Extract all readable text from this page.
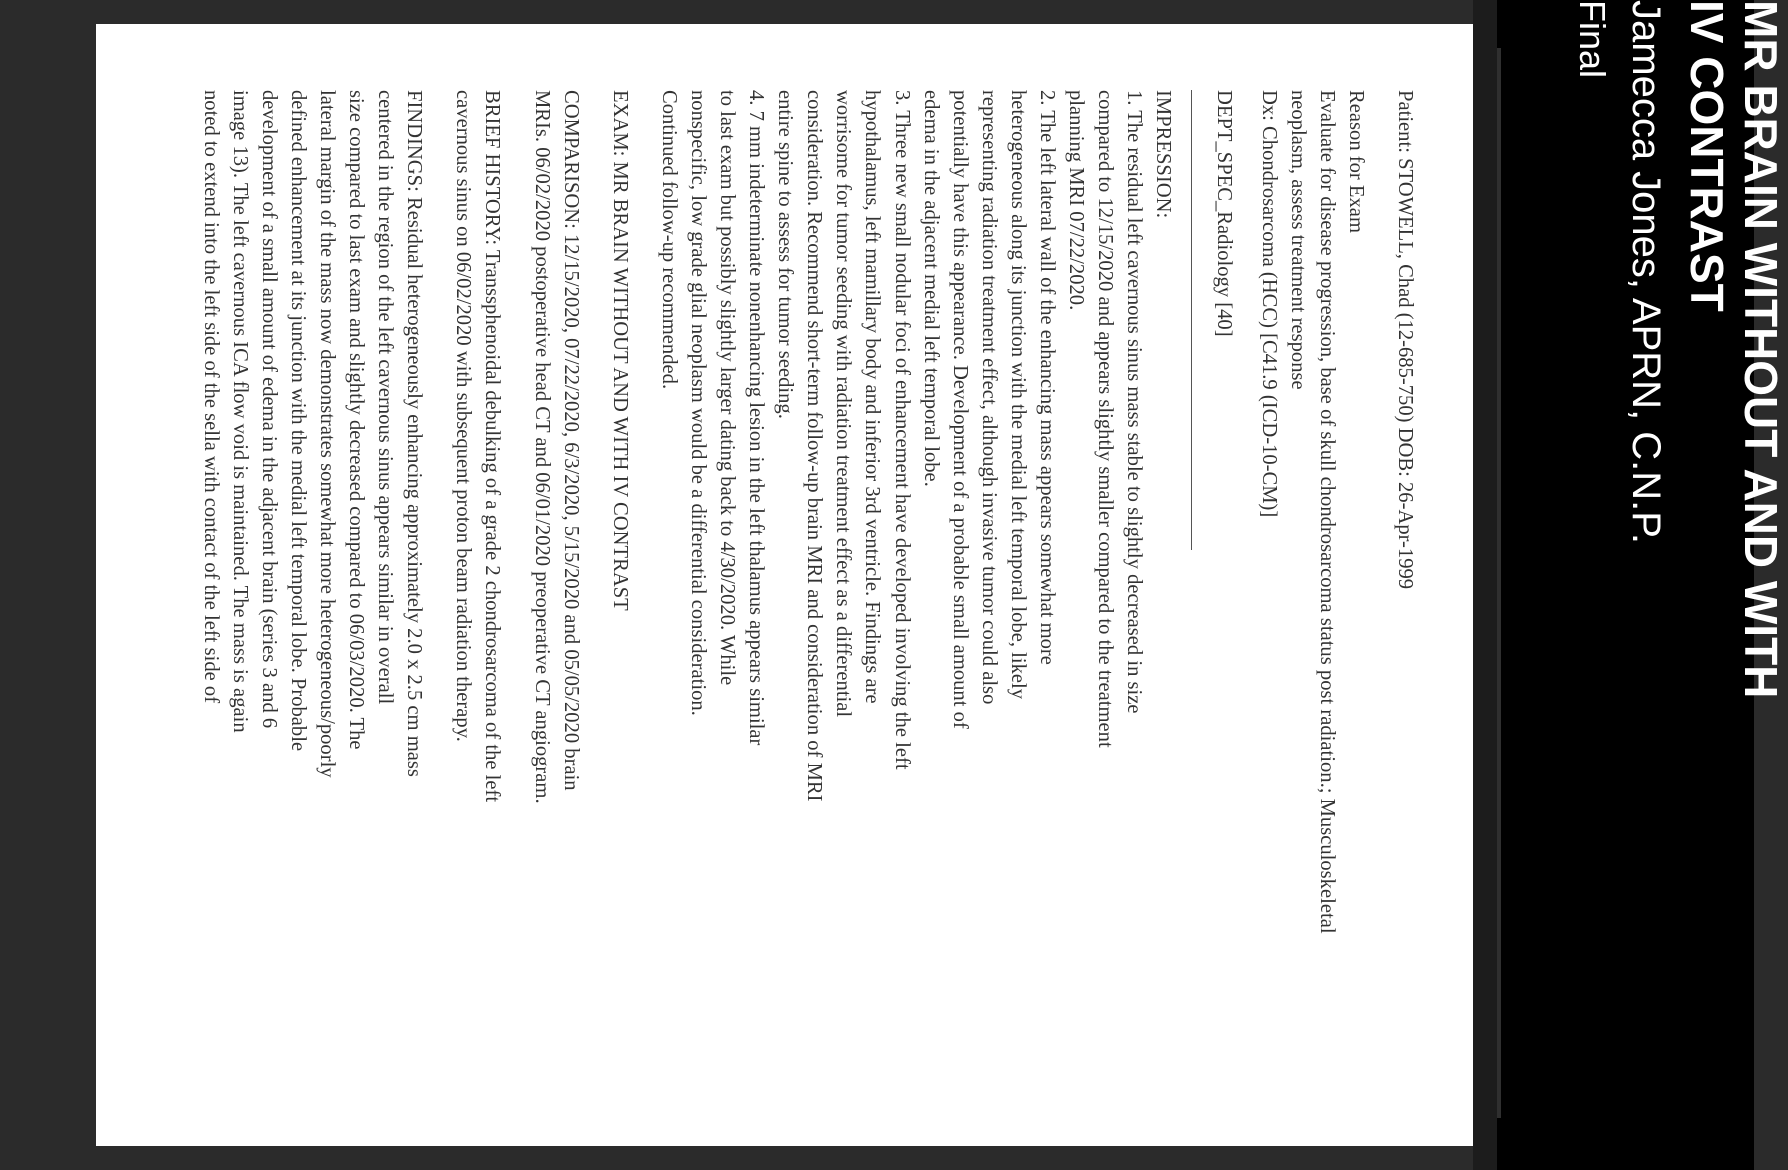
Patient: STOWELL, Chad (12-685-750) DOB: 26-Apr-1999

Reason for Exam

Evaluate for disease progression, base of skull chondrosarcoma status post radiation.; Musculoskeletal

neoplasm, assess treatment response

Dx: Chondrosarcoma (HCC) [C41.9 (ICD-10-CM)]

DEPT_SPEC_Radiology [40]

IMPRESSION:

1. The residual left cavernous sinus mass stable to slightly decreased in size

compared to 12/15/2020 and appears slightly smaller compared to the treatment

planning MRI 07/22/2020.

2. The left lateral wall of the enhancing mass appears somewhat more

heterogeneous along its junction with the medial left temporal lobe, likely

representing radiation treatment effect, although invasive tumor could also

potentially have this appearance. Development of a probable small amount of

edema in the adjacent medial left temporal lobe.

3. Three new small nodular foci of enhancement have developed involving the left

hypothalamus, left mamillary body and inferior 3rd ventricle. Findings are

worrisome for tumor seeding with radiation treatment effect as a differential

consideration. Recommend short-term follow-up brain MRI and consideration of MRI

entire spine to assess for tumor seeding.

4. 7 mm indeterminate nonenhancing lesion in the left thalamus appears similar

to last exam but possibly slightly larger dating back to 4/30/2020. While

nonspecific, low grade glial neoplasm would be a differential consideration.

Continued follow-up recommended.

EXAM: MR BRAIN WITHOUT AND WITH IV CONTRAST

COMPARISON: 12/15/2020, 07/22/2020, 6/3/2020, 5/15/2020 and 05/05/2020 brain

MRIs. 06/02/2020 postoperative head CT and 06/01/2020 preoperative CT angiogram.

BRIEF HISTORY: Transsphenoidal debulking of a grade 2 chondrosarcoma of the left

cavernous sinus on 06/02/2020 with subsequent proton beam radiation therapy.

FINDINGS: Residual heterogeneously enhancing approximately 2.0 x 2.5 cm mass

centered in the region of the left cavernous sinus appears similar in overall

size compared to last exam and slightly decreased compared to 06/03/2020. The

lateral margin of the mass now demonstrates somewhat more heterogeneous/poorly

defined enhancement at its junction with the medial left temporal lobe. Probable

development of a small amount of edema in the adjacent brain (series 3 and 6

image 13). The left cavernous ICA flow void is maintained. The mass is again

noted to extend into the left side of the sella with contact of the left side of	MR BRAIN WITHOUT AND WITH
IV CONTRAST
Jamecca Jones, APRN, C.N.P.
Final
